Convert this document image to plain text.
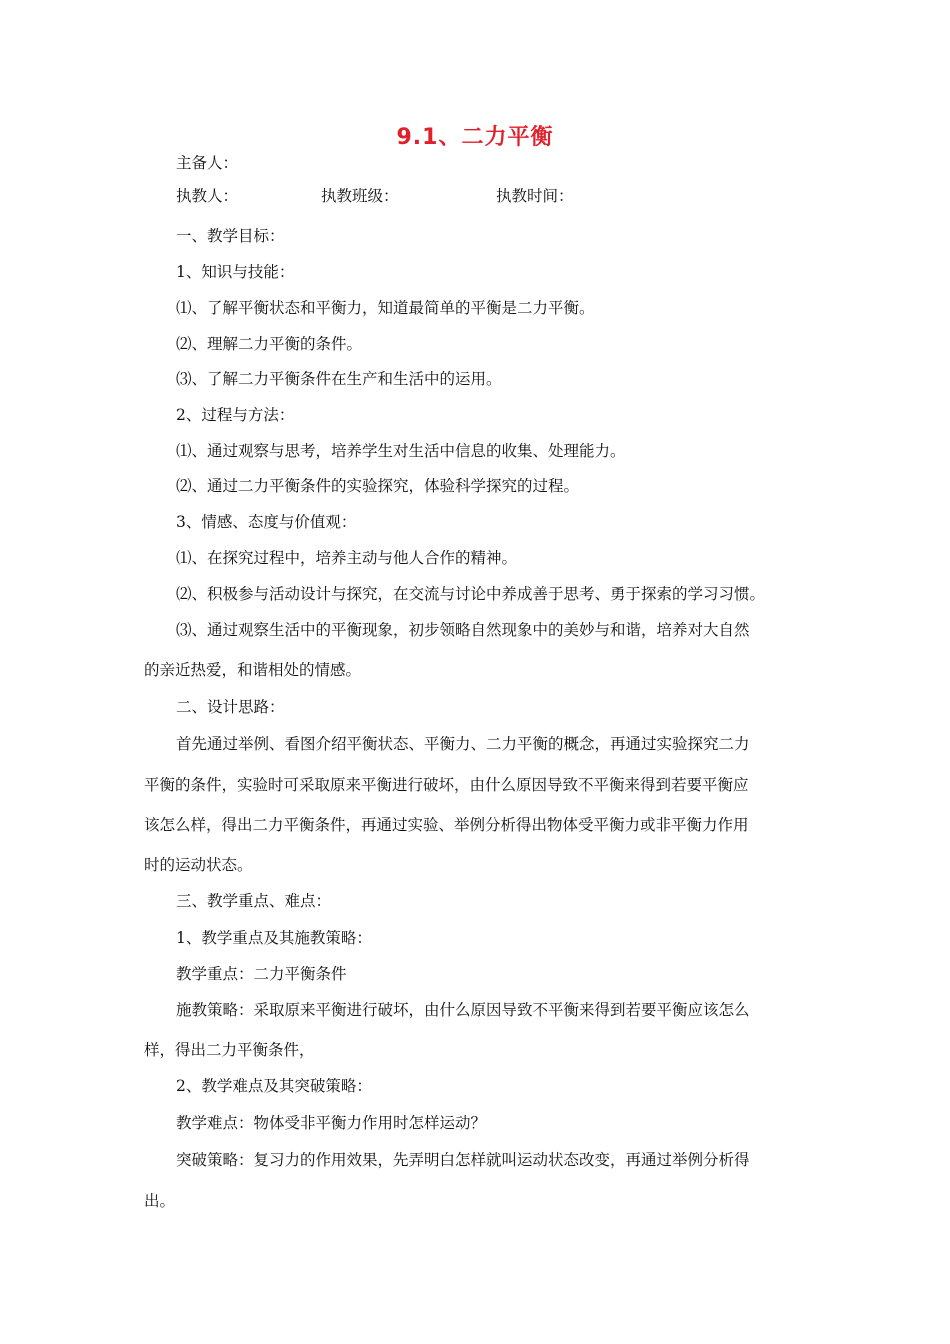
9.1、二力平衡
主备人：
执教人：	执教班级：	执教时间：
一、教学目标：
1、知识与技能：
⑴、了解平衡状态和平衡力，知道最简单的平衡是二力平衡。
⑵、理解二力平衡的条件。
⑶、了解二力平衡条件在生产和生活中的运用。
2、过程与方法：
⑴、通过观察与思考，培养学生对生活中信息的收集、处理能力。
⑵、通过二力平衡条件的实验探究，体验科学探究的过程。
3、情感、态度与价值观：
⑴、在探究过程中，培养主动与他人合作的精神。
⑵、积极参与活动设计与探究，在交流与讨论中养成善于思考、勇于探索的学习习惯。
⑶、通过观察生活中的平衡现象，初步领略自然现象中的美妙与和谐，培养对大自然
的亲近热爱，和谐相处的情感。
二、设计思路：
首先通过举例、看图介绍平衡状态、平衡力、二力平衡的概念，再通过实验探究二力
平衡的条件，实验时可采取原来平衡进行破坏，由什么原因导致不平衡来得到若要平衡应
该怎么样，得出二力平衡条件，再通过实验、举例分析得出物体受平衡力或非平衡力作用
时的运动状态。
三、教学重点、难点：
1、教学重点及其施教策略：
教学重点：二力平衡条件
施教策略：采取原来平衡进行破坏，由什么原因导致不平衡来得到若要平衡应该怎么
样，得出二力平衡条件，
2、教学难点及其突破策略：
教学难点：物体受非平衡力作用时怎样运动？
突破策略：复习力的作用效果，先弄明白怎样就叫运动状态改变，再通过举例分析得
出。
